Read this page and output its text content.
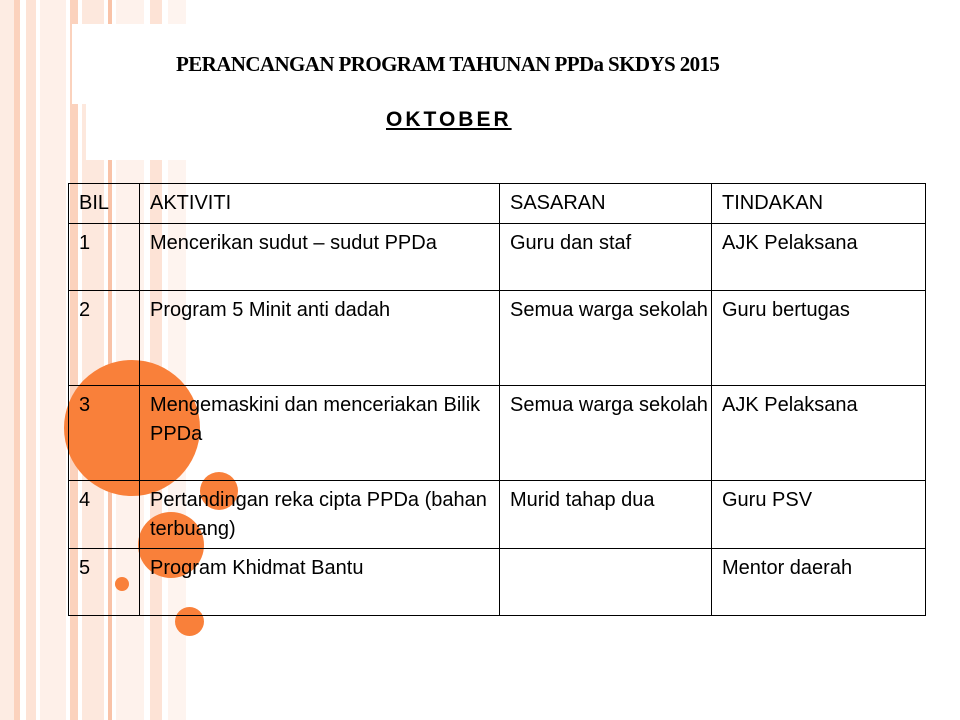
PERANCANGAN PROGRAM TAHUNAN PPDa SKDYS 2015
OKTOBER
BIL	AKTIVITI	SASARAN	TINDAKAN
1	Mencerikan sudut – sudut PPDa	Guru dan staf	AJK Pelaksana
2	Program 5 Minit anti dadah	Semua warga sekolah	Guru bertugas
3	Mengemaskini dan menceriakan Bilik PPDa	Semua warga sekolah	AJK Pelaksana
4	Pertandingan reka cipta PPDa (bahan terbuang)	Murid tahap dua	Guru PSV
5	Program Khidmat Bantu		Mentor daerah
